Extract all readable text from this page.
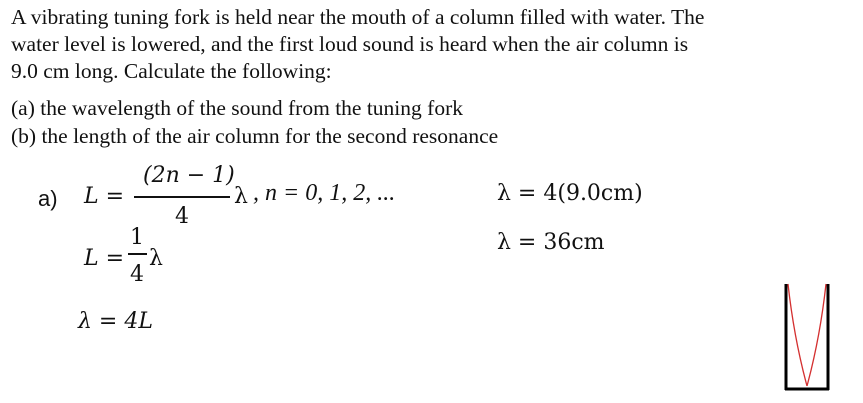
A vibrating tuning fork is held near the mouth of a column filled with water. The

water level is lowered, and the first loud sound is heard when the air column is

9.0 cm long. Calculate the following:

(a) the wavelength of the sound from the tuning fork
(b) the length of the air column for the second resonance
a) L =
(2n − 1)
4
λ , n = 0, 1, 2, ...
L =
1
4
λ
λ = 4L
λ = 4(9.0cm)
λ = 36cm
